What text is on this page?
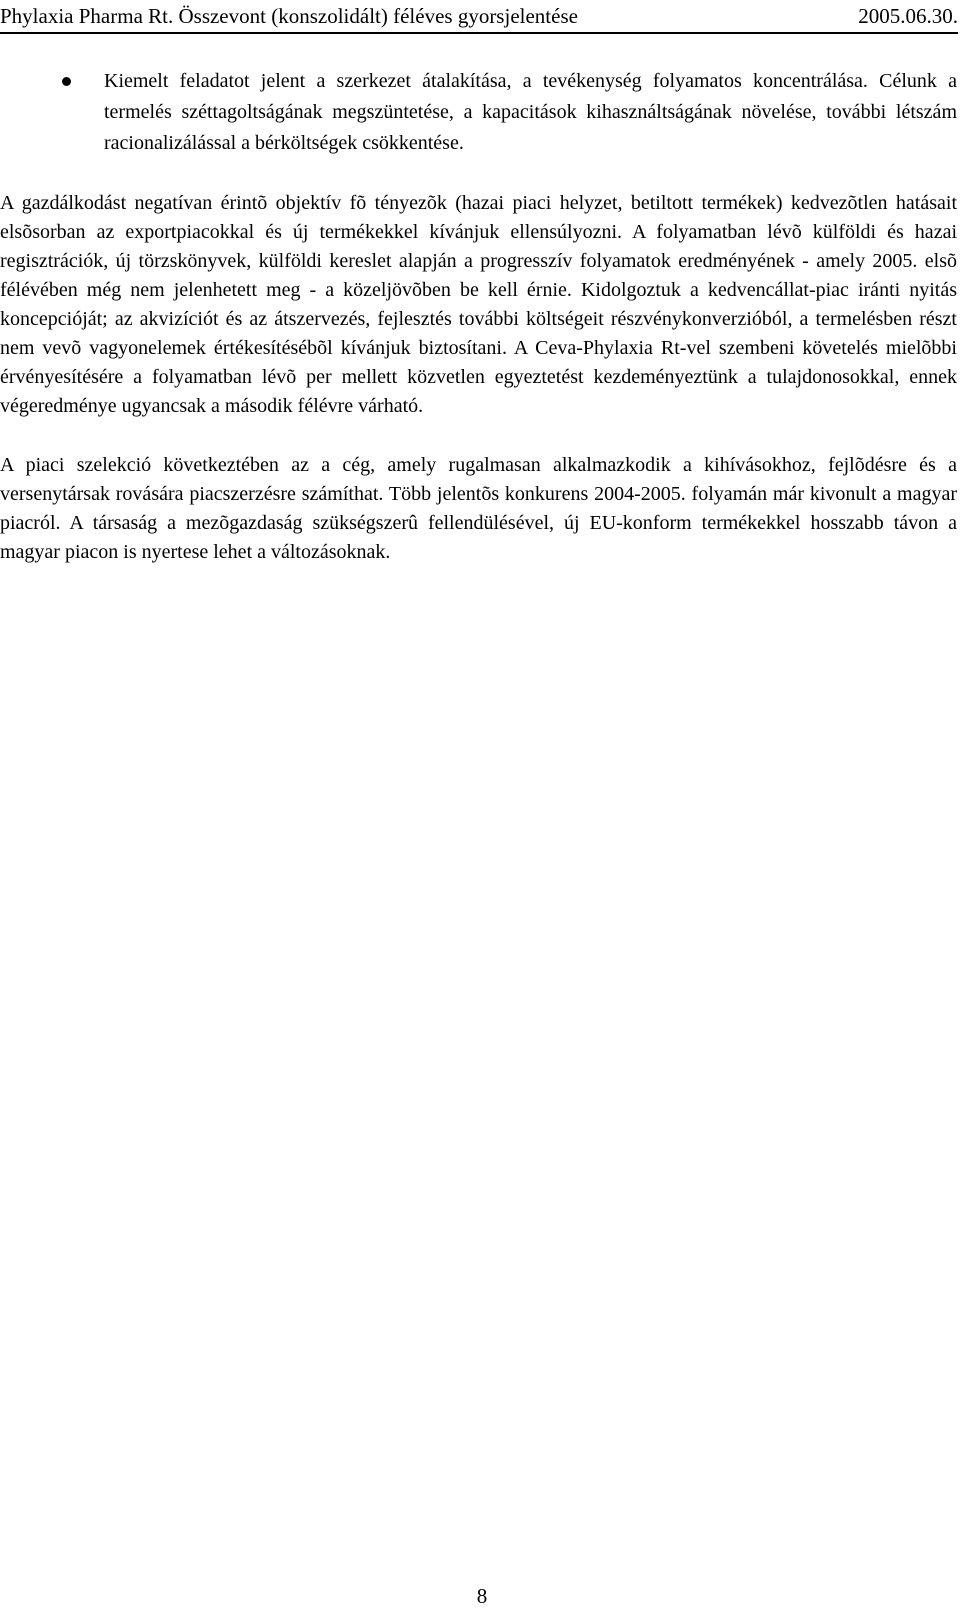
Phylaxia Pharma Rt. Összevont (konszolidált) féléves gyorsjelentése	2005.06.30.
Kiemelt feladatot jelent a szerkezet átalakítása, a tevékenység folyamatos koncentrálása. Célunk a termelés széttagoltságának megszüntetése, a kapacitások kihasználtságának növelése, további létszám racionalizálással a bérköltségek csökkentése.

A gazdálkodást negatívan érintõ objektív fõ tényezõk (hazai piaci helyzet, betiltott termékek) kedvezõtlen hatásait elsõsorban az exportpiacokkal és új termékekkel kívánjuk ellensúlyozni. A folyamatban lévõ külföldi és hazai regisztrációk, új törzskönyvek, külföldi kereslet alapján a progresszív folyamatok eredményének - amely 2005. elsõ félévében még nem jelenhetett meg - a közeljövõben be kell érnie. Kidolgoztuk a kedvencállat-piac iránti nyitás koncepcióját; az akvizíciót és az átszervezés, fejlesztés további költségeit részvénykonverzióból, a termelésben részt nem vevõ vagyonelemek értékesítésébõl kívánjuk biztosítani. A Ceva-Phylaxia Rt-vel szembeni követelés mielõbbi érvényesítésére a folyamatban lévõ per mellett közvetlen egyeztetést kezdeményeztünk a tulajdonosokkal, ennek végeredménye ugyancsak a második félévre várható.

A piaci szelekció következtében az a cég, amely rugalmasan alkalmazkodik a kihívásokhoz, fejlõdésre és a versenytársak rovására piacszerzésre számíthat. Több jelentõs konkurens 2004-2005. folyamán már kivonult a magyar piacról. A társaság a mezõgazdaság szükségszerû fellendülésével, új EU-konform termékekkel hosszabb távon a magyar piacon is nyertese lehet a változásoknak.

8
